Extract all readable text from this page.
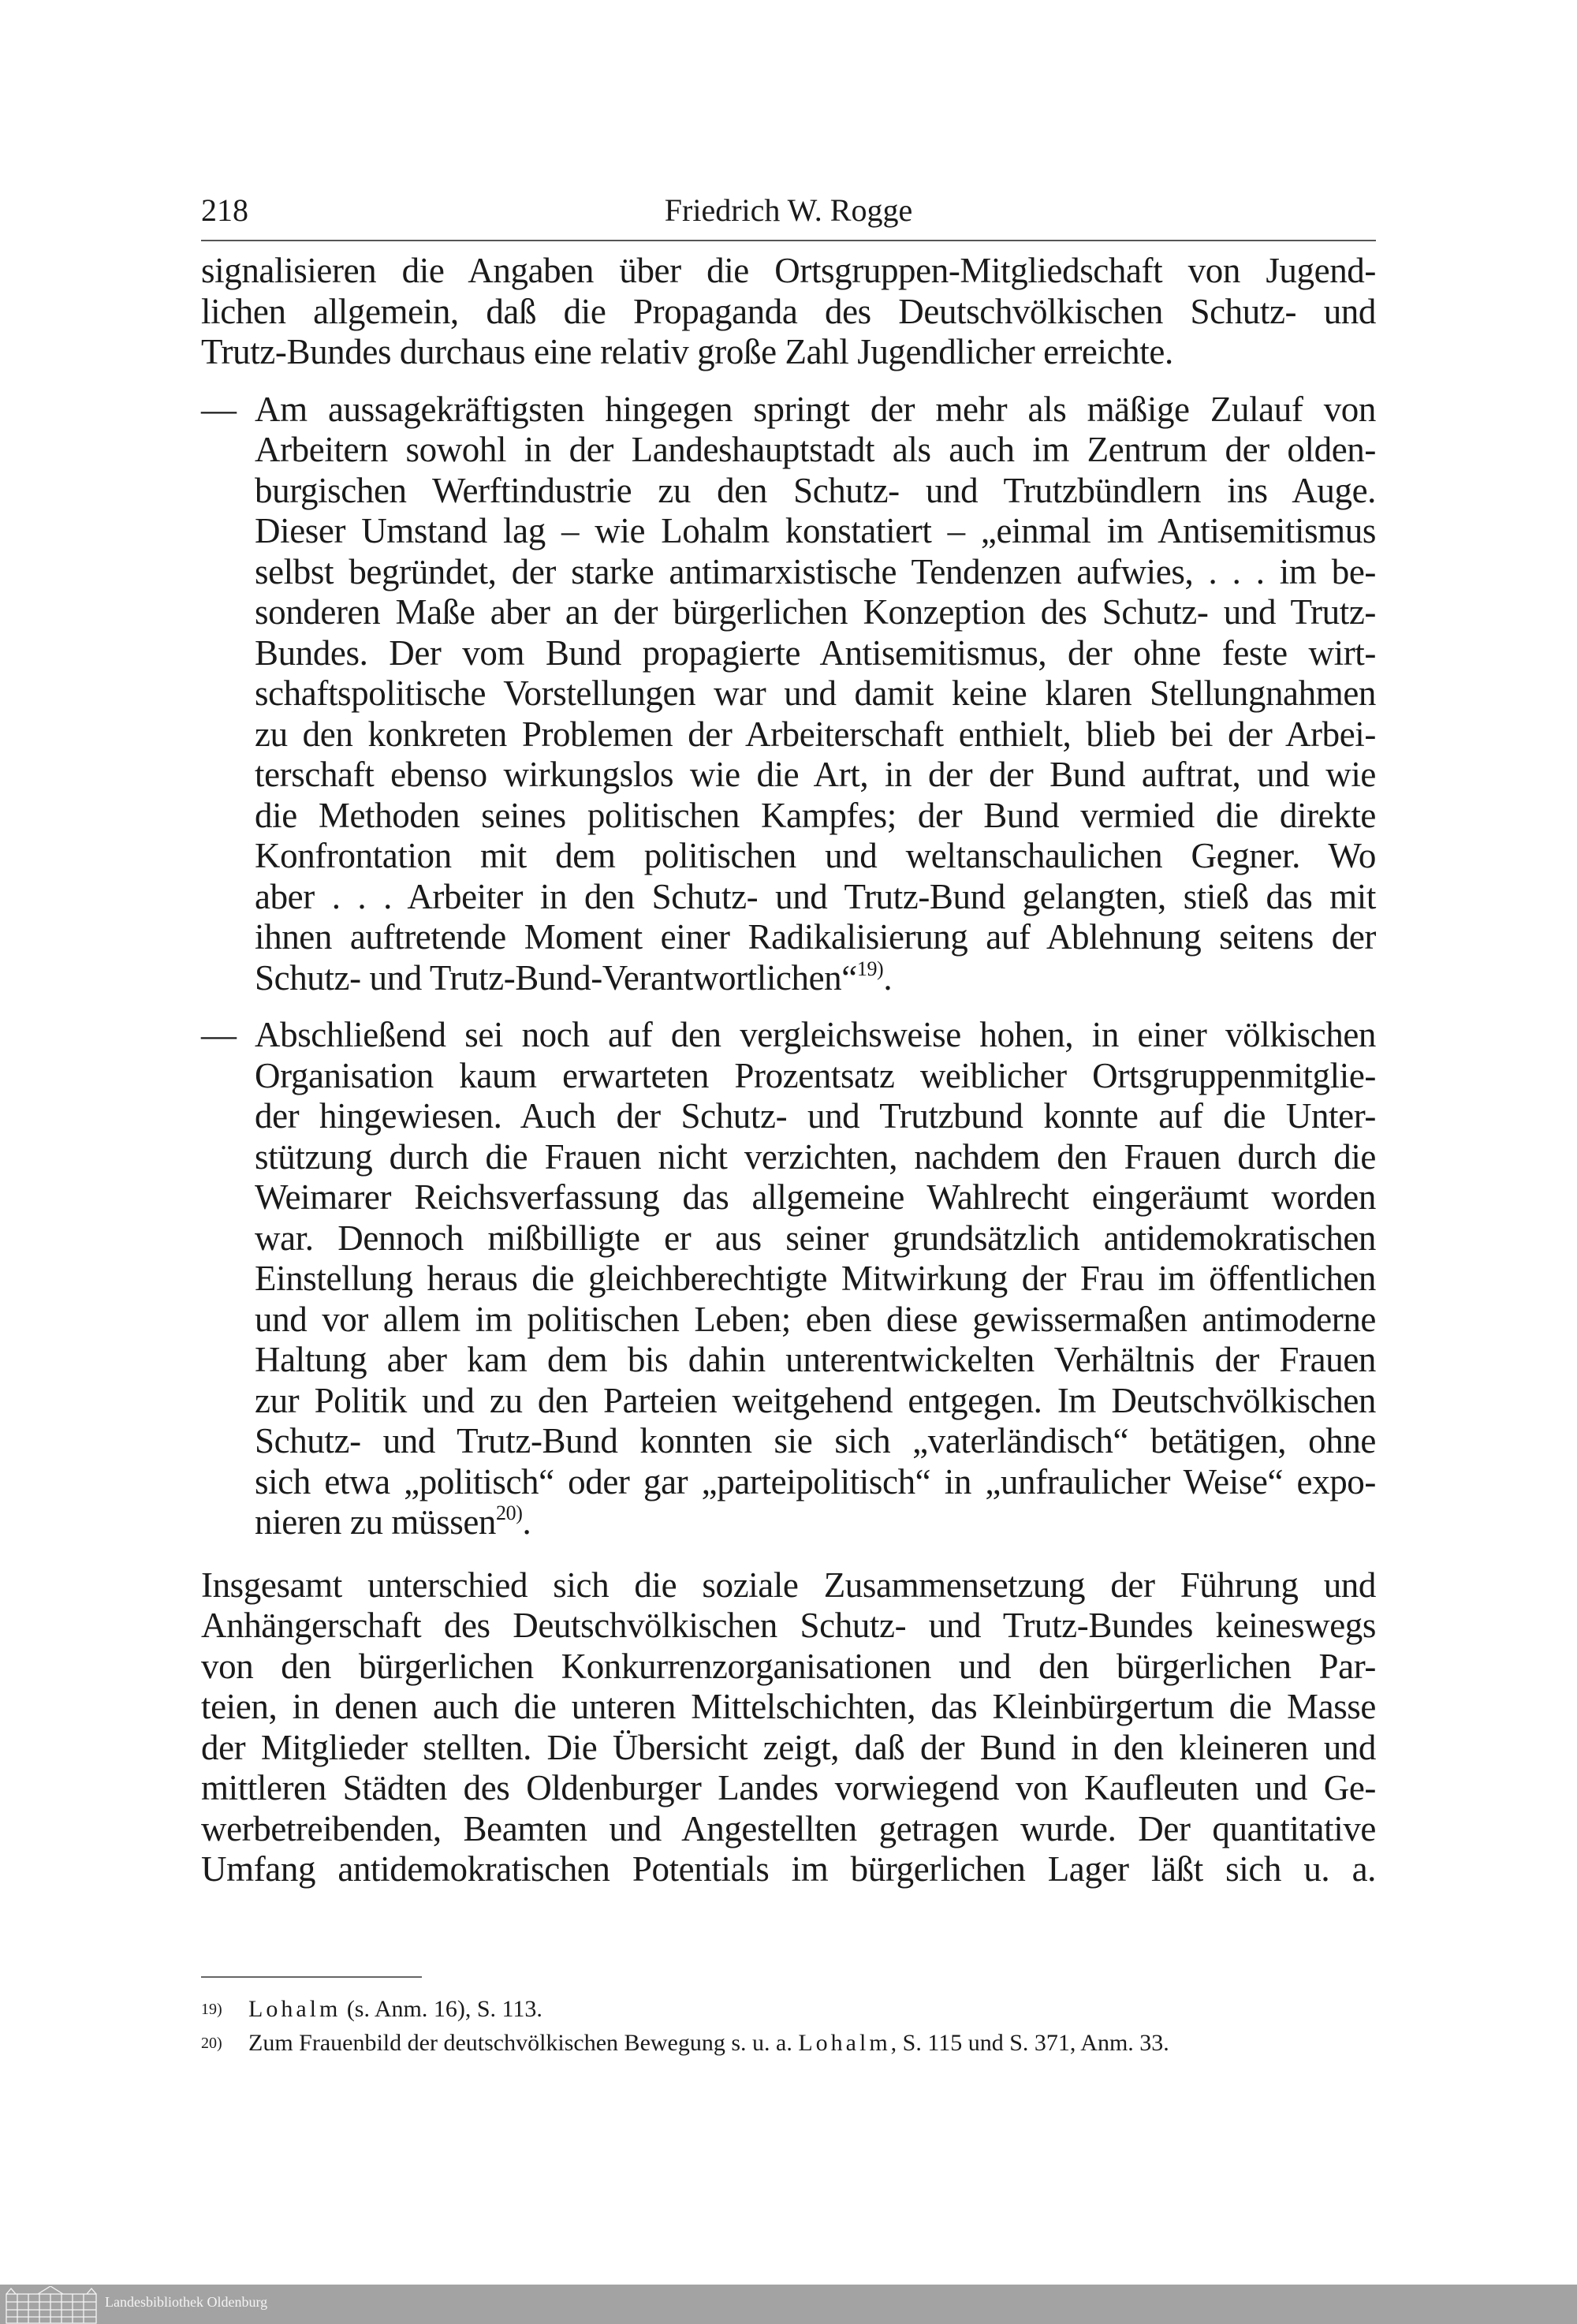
218	Friedrich W. Rogge

signalisieren die Angaben über die Ortsgruppen-Mitgliedschaft von Jugend-
lichen allgemein, daß die Propaganda des Deutschvölkischen Schutz- und
Trutz-Bundes durchaus eine relativ große Zahl Jugendlicher erreichte.

— Am aussagekräftigsten hingegen springt der mehr als mäßige Zulauf von
Arbeitern sowohl in der Landeshauptstadt als auch im Zentrum der olden-
burgischen Werftindustrie zu den Schutz- und Trutzbündlern ins Auge.
Dieser Umstand lag – wie Lohalm konstatiert – „einmal im Antisemitismus
selbst begründet, der starke antimarxistische Tendenzen aufwies, . . . im be-
sonderen Maße aber an der bürgerlichen Konzeption des Schutz- und Trutz-
Bundes. Der vom Bund propagierte Antisemitismus, der ohne feste wirt-
schaftspolitische Vorstellungen war und damit keine klaren Stellungnahmen
zu den konkreten Problemen der Arbeiterschaft enthielt, blieb bei der Arbei-
terschaft ebenso wirkungslos wie die Art, in der der Bund auftrat, und wie
die Methoden seines politischen Kampfes; der Bund vermied die direkte
Konfrontation mit dem politischen und weltanschaulichen Gegner. Wo
aber . . . Arbeiter in den Schutz- und Trutz-Bund gelangten, stieß das mit
ihnen auftretende Moment einer Radikalisierung auf Ablehnung seitens der
Schutz- und Trutz-Bund-Verantwortlichen“$^{19)}$.
— Abschließend sei noch auf den vergleichsweise hohen, in einer völkischen
Organisation kaum erwarteten Prozentsatz weiblicher Ortsgruppenmitglie-
der hingewiesen. Auch der Schutz- und Trutzbund konnte auf die Unter-
stützung durch die Frauen nicht verzichten, nachdem den Frauen durch die
Weimarer Reichsverfassung das allgemeine Wahlrecht eingeräumt worden
war. Dennoch mißbilligte er aus seiner grundsätzlich antidemokratischen
Einstellung heraus die gleichberechtigte Mitwirkung der Frau im öffentlichen
und vor allem im politischen Leben; eben diese gewissermaßen antimoderne
Haltung aber kam dem bis dahin unterentwickelten Verhältnis der Frauen
zur Politik und zu den Parteien weitgehend entgegen. Im Deutschvölkischen
Schutz- und Trutz-Bund konnten sie sich „vaterländisch“ betätigen, ohne
sich etwa „politisch“ oder gar „parteipolitisch“ in „unfraulicher Weise“ expo-
nieren zu müssen$^{20)}$.

Insgesamt unterschied sich die soziale Zusammensetzung der Führung und
Anhängerschaft des Deutschvölkischen Schutz- und Trutz-Bundes keineswegs
von den bürgerlichen Konkurrenzorganisationen und den bürgerlichen Par-
teien, in denen auch die unteren Mittelschichten, das Kleinbürgertum die Masse
der Mitglieder stellten. Die Übersicht zeigt, daß der Bund in den kleineren und
mittleren Städten des Oldenburger Landes vorwiegend von Kaufleuten und Ge-
werbetreibenden, Beamten und Angestellten getragen wurde. Der quantitative
Umfang antidemokratischen Potentials im bürgerlichen Lager läßt sich u. a.

$^{19)}$	Lohalm (s. Anm. 16), S. 113.
$^{20)}$	Zum Frauenbild der deutschvölkischen Bewegung s. u. a. Lohalm, S. 115 und S. 371, Anm. 33.
Landesbibliothek Oldenburg
